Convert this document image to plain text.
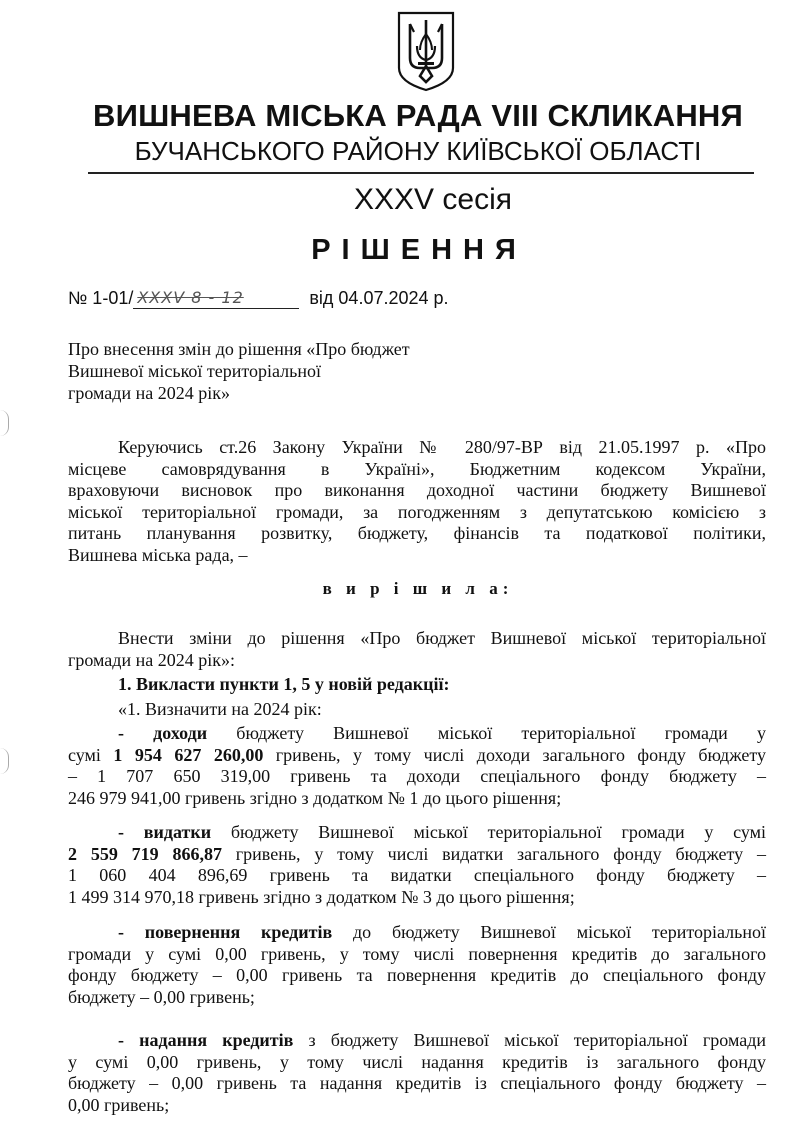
ВИШНЕВА МІСЬКА РАДА VIII СКЛИКАННЯ
БУЧАНСЬКОГО РАЙОНУ КИЇВСЬКОЇ ОБЛАСТІ
XXXV сесія
РІШЕННЯ
№ 1-01/ XXXV 8 - 12	від 04.07.2024 р.
Про внесення змін до рішення «Про бюджет
Вишневої міської територіальної
громади на 2024 рік»
Керуючись ст.26 Закону України № 280/97-ВР від 21.05.1997 р. «Про
місцеве самоврядування в Україні», Бюджетним кодексом України,
враховуючи висновок про виконання доходної частини бюджету Вишневої
міської територіальної громади, за погодженням з депутатською комісією з
питань планування розвитку, бюджету, фінансів та податкової політики,
Вишнева міська рада, –
в и р і ш и л а:
Внести зміни до рішення «Про бюджет Вишневої міської територіальної
громади на 2024 рік»:
1. Викласти пункти 1, 5 у новій редакції:
«1. Визначити на 2024 рік:
- доходи бюджету Вишневої міської територіальної громади у
сумі 1 954 627 260,00 гривень, у тому числі доходи загального фонду бюджету
– 1 707 650 319,00 гривень та доходи спеціального фонду бюджету –
246 979 941,00 гривень згідно з додатком № 1 до цього рішення;
- видатки бюджету Вишневої міської територіальної громади у сумі
2 559 719 866,87 гривень, у тому числі видатки загального фонду бюджету –
1 060 404 896,69 гривень та видатки спеціального фонду бюджету –
1 499 314 970,18 гривень згідно з додатком № 3 до цього рішення;
- повернення кредитів до бюджету Вишневої міської територіальної
громади у сумі 0,00 гривень, у тому числі повернення кредитів до загального
фонду бюджету – 0,00 гривень та повернення кредитів до спеціального фонду
бюджету – 0,00 гривень;
- надання кредитів з бюджету Вишневої міської територіальної громади
у сумі 0,00 гривень, у тому числі надання кредитів із загального фонду
бюджету – 0,00 гривень та надання кредитів із спеціального фонду бюджету –
0,00 гривень;
